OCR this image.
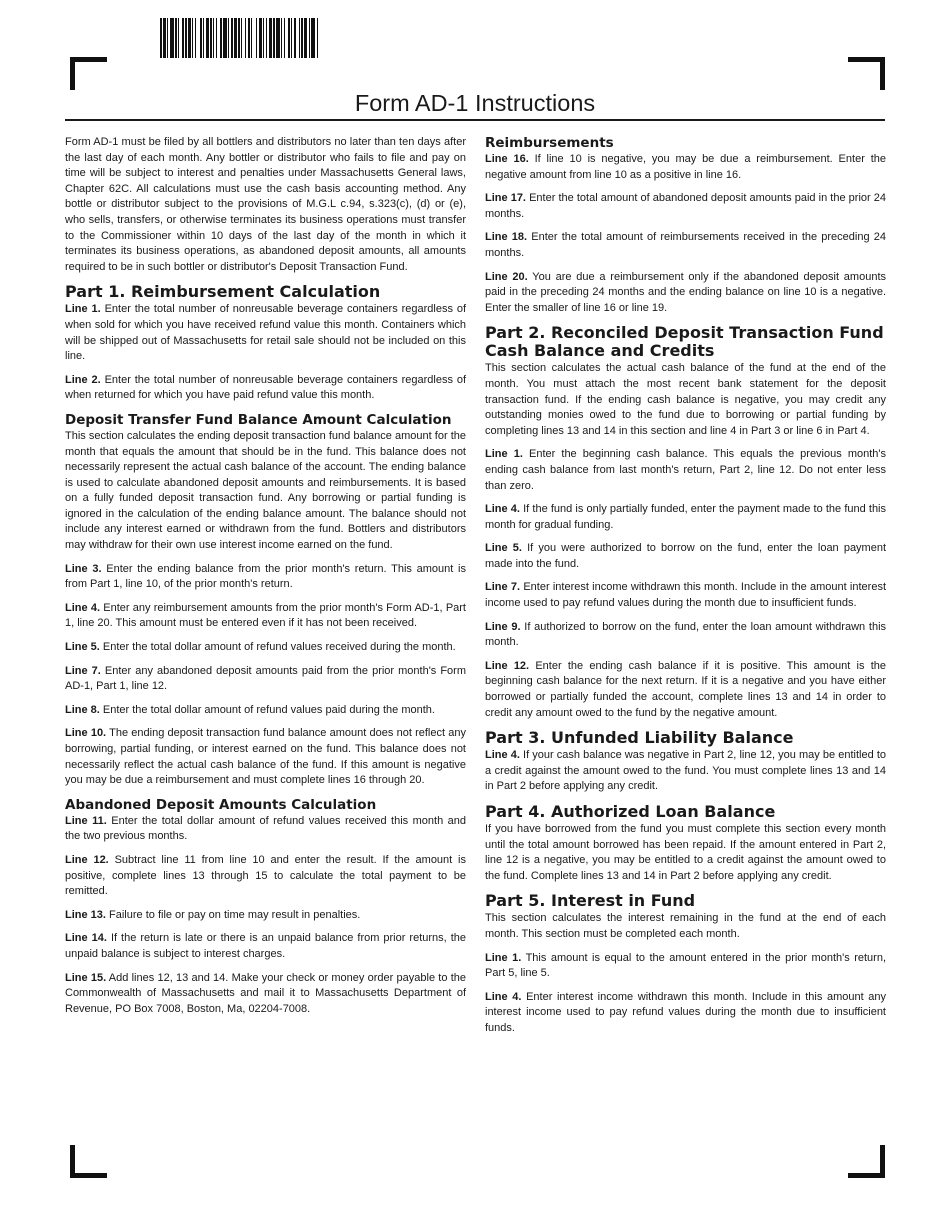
Form AD-1 Instructions

Form AD-1 must be filed by all bottlers and distributors no later than ten days after the last day of each month. Any bottler or distributor who fails to file and pay on time will be subject to interest and penalties under Massachusetts General laws, Chapter 62C. All calculations must use the cash basis accounting method. Any bottle or distributor subject to the provisions of M.G.L c.94, s.323(c), (d) or (e), who sells, transfers, or otherwise terminates its business operations must transfer to the Commissioner within 10 days of the last day of the month in which it terminates its business operations, as abandoned deposit amounts, all amounts required to be in such bottler or distributor's Deposit Transaction Fund.

Part 1. Reimbursement Calculation

Line 1. Enter the total number of nonreusable beverage containers regardless of when sold for which you have received refund value this month. Containers which will be shipped out of Massachusetts for retail sale should not be included on this line.

Line 2. Enter the total number of nonreusable beverage containers regardless of when returned for which you have paid refund value this month.

Deposit Transfer Fund Balance Amount Calculation

This section calculates the ending deposit transaction fund balance amount for the month that equals the amount that should be in the fund. This balance does not necessarily represent the actual cash balance of the account. The ending balance is used to calculate abandoned deposit amounts and reimbursements. It is based on a fully funded deposit transaction fund. Any borrowing or partial funding is ignored in the calculation of the ending balance amount. The balance should not include any interest earned or withdrawn from the fund. Bottlers and distributors may withdraw for their own use interest income earned on the fund.

Line 3. Enter the ending balance from the prior month's return. This amount is from Part 1, line 10, of the prior month's return.

Line 4. Enter any reimbursement amounts from the prior month's Form AD-1, Part 1, line 20. This amount must be entered even if it has not been received.

Line 5. Enter the total dollar amount of refund values received during the month.

Line 7. Enter any abandoned deposit amounts paid from the prior month's Form AD-1, Part 1, line 12.

Line 8. Enter the total dollar amount of refund values paid during the month.

Line 10. The ending deposit transaction fund balance amount does not reflect any borrowing, partial funding, or interest earned on the fund. This balance does not necessarily reflect the actual cash balance of the fund. If this amount is negative you may be due a reimbursement and must complete lines 16 through 20.

Abandoned Deposit Amounts Calculation

Line 11. Enter the total dollar amount of refund values received this month and the two previous months.

Line 12. Subtract line 11 from line 10 and enter the result. If the amount is positive, complete lines 13 through 15 to calculate the total payment to be remitted.

Line 13. Failure to file or pay on time may result in penalties.

Line 14. If the return is late or there is an unpaid balance from prior returns, the unpaid balance is subject to interest charges.

Line 15. Add lines 12, 13 and 14. Make your check or money order payable to the Commonwealth of Massachusetts and mail it to Massachusetts Department of Revenue, PO Box 7008, Boston, Ma, 02204-7008.

Reimbursements

Line 16. If line 10 is negative, you may be due a reimbursement. Enter the negative amount from line 10 as a positive in line 16.

Line 17. Enter the total amount of abandoned deposit amounts paid in the prior 24 months.

Line 18. Enter the total amount of reimbursements received in the preceding 24 months.

Line 20. You are due a reimbursement only if the abandoned deposit amounts paid in the preceding 24 months and the ending balance on line 10 is a negative. Enter the smaller of line 16 or line 19.

Part 2. Reconciled Deposit Transaction Fund Cash Balance and Credits

This section calculates the actual cash balance of the fund at the end of the month. You must attach the most recent bank statement for the deposit transaction fund. If the ending cash balance is negative, you may credit any outstanding monies owed to the fund due to borrowing or partial funding by completing lines 13 and 14 in this section and line 4 in Part 3 or line 6 in Part 4.

Line 1. Enter the beginning cash balance. This equals the previous month's ending cash balance from last month's return, Part 2, line 12. Do not enter less than zero.

Line 4. If the fund is only partially funded, enter the payment made to the fund this month for gradual funding.

Line 5. If you were authorized to borrow on the fund, enter the loan payment made into the fund.

Line 7. Enter interest income withdrawn this month. Include in the amount interest income used to pay refund values during the month due to insufficient funds.

Line 9. If authorized to borrow on the fund, enter the loan amount withdrawn this month.

Line 12. Enter the ending cash balance if it is positive. This amount is the beginning cash balance for the next return. If it is a negative and you have either borrowed or partially funded the account, complete lines 13 and 14 in order to credit any amount owed to the fund by the negative amount.

Part 3. Unfunded Liability Balance

Line 4. If your cash balance was negative in Part 2, line 12, you may be entitled to a credit against the amount owed to the fund. You must complete lines 13 and 14 in Part 2 before applying any credit.

Part 4. Authorized Loan Balance

If you have borrowed from the fund you must complete this section every month until the total amount borrowed has been repaid. If the amount entered in Part 2, line 12 is a negative, you may be entitled to a credit against the amount owed to the fund. Complete lines 13 and 14 in Part 2 before applying any credit.

Part 5. Interest in Fund

This section calculates the interest remaining in the fund at the end of each month. This section must be completed each month.

Line 1. This amount is equal to the amount entered in the prior month's return, Part 5, line 5.

Line 4. Enter interest income withdrawn this month. Include in this amount any interest income used to pay refund values during the month due to insufficient funds.
